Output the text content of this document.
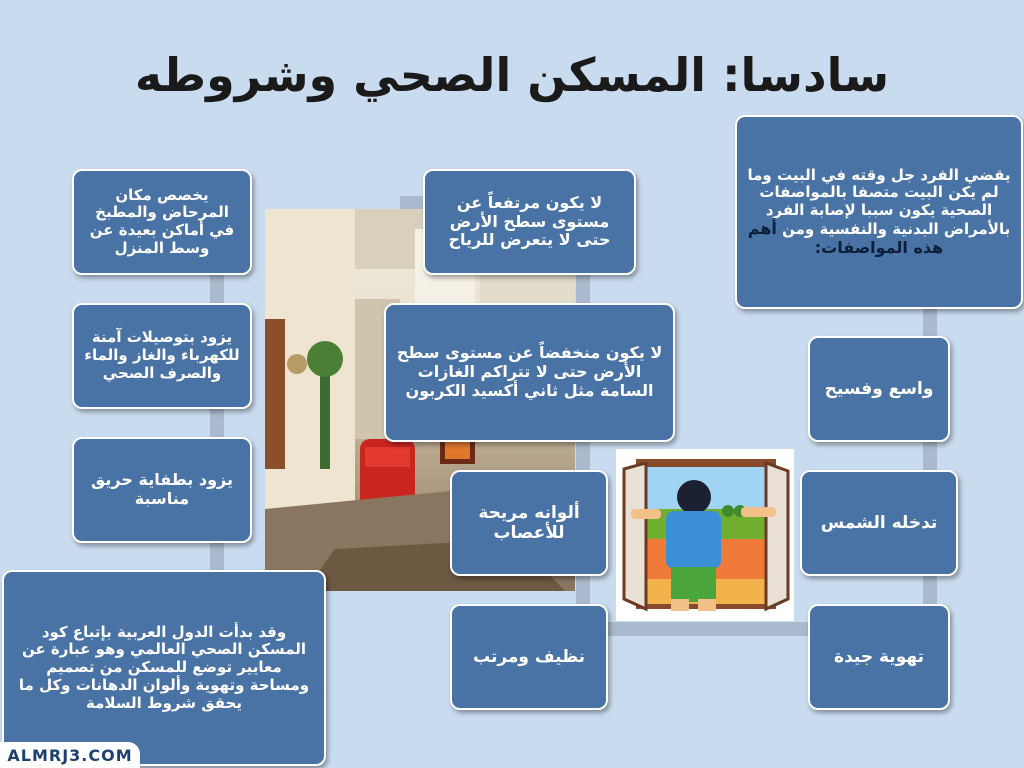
سادسا: المسكن الصحي وشروطه
يقضي الفرد جل وقته في البيت وما لم يكن البيت متصفا بالمواصفات الصحية يكون سببا لإصابة الفرد بالأمراض البدنية والنفسية ومن أهم هذه المواصفات:
واسع وفسيح
تدخله الشمس
تهوية جيدة
لا يكون مرتفعاً عن مستوى سطح الأرض حتى لا يتعرض للرياح
لا يكون منخفضاً عن مستوى سطح الأرض حتى لا تتراكم الغازات السامة مثل ثاني أكسيد الكربون
ألوانه مريحة للأعصاب
نظيف ومرتب
يخصص مكان المرحاض والمطبخ في أماكن بعيدة عن وسط المنزل
يزود بتوصيلات آمنة للكهرباء والغاز والماء والصرف الصحي
يزود بطفاية حريق مناسبة
وقد بدأت الدول العربية بإتباع كود المسكن الصحي العالمي وهو عبارة عن معايير توضع للمسكن من تصميم ومساحة وتهوية وألوان الدهانات وكل ما يحقق شروط السلامة
ALMRJ3.COM
